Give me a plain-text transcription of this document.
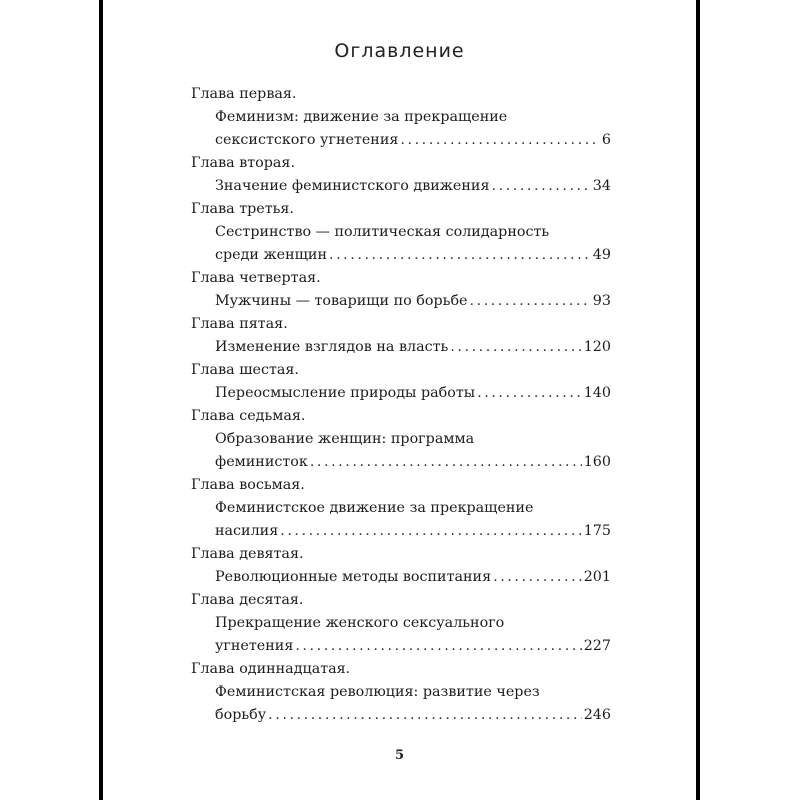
Оглавление
Глава первая.
Феминизм: движение за прекращение
сексистского угнетения . . .	6
Глава вторая.
Значение феминистского движения . . .	34
Глава третья.
Сестринство — политическая солидарность
среди женщин . . .	49
Глава четвертая.
Мужчины — товарищи по борьбе . . .	93
Глава пятая.
Изменение взглядов на власть . . .	120
Глава шестая.
Переосмысление природы работы . . .	140
Глава седьмая.
Образование женщин: программа
феминисток . . .	160
Глава восьмая.
Феминистское движение за прекращение
насилия . . .	175
Глава девятая.
Революционные методы воспитания . . .	201
Глава десятая.
Прекращение женского сексуального
угнетения . . .	227
Глава одиннадцатая.
Феминистская революция: развитие через
борьбу . . .	246
5
